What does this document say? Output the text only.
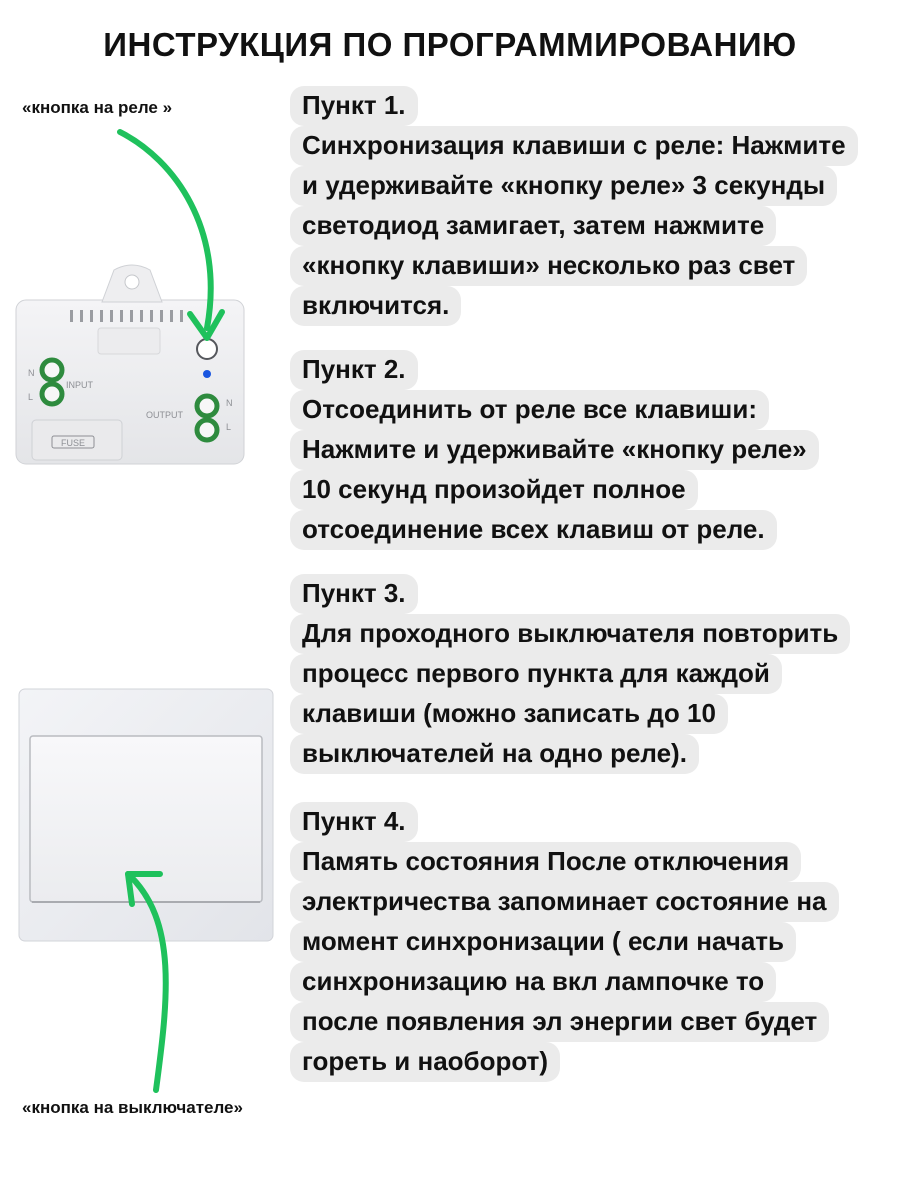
ИНСТРУКЦИЯ ПО ПРОГРАММИРОВАНИЮ
«кнопка на реле »
«кнопка на выключателе»
N
L
INPUT
OUTPUT
N
L
FUSE
Пункт 1.
Синхронизация клавиши с реле: Нажмите
и удерживайте «кнопку реле» 3 секунды
светодиод замигает, затем нажмите
«кнопку клавиши» несколько раз свет
включится.
Пункт 2.
Отсоединить от реле все клавиши:
Нажмите и удерживайте «кнопку реле»
10 секунд произойдет полное
отсоединение всех клавиш от реле.
Пункт 3.
Для проходного выключателя повторить
процесс первого пункта для каждой
клавиши (можно записать до 10
выключателей на одно реле).
Пункт 4.
Память состояния После отключения
электричества запоминает состояние на
момент синхронизации ( если начать
синхронизацию на вкл лампочке то
после появления эл энергии свет будет
гореть и наоборот)
